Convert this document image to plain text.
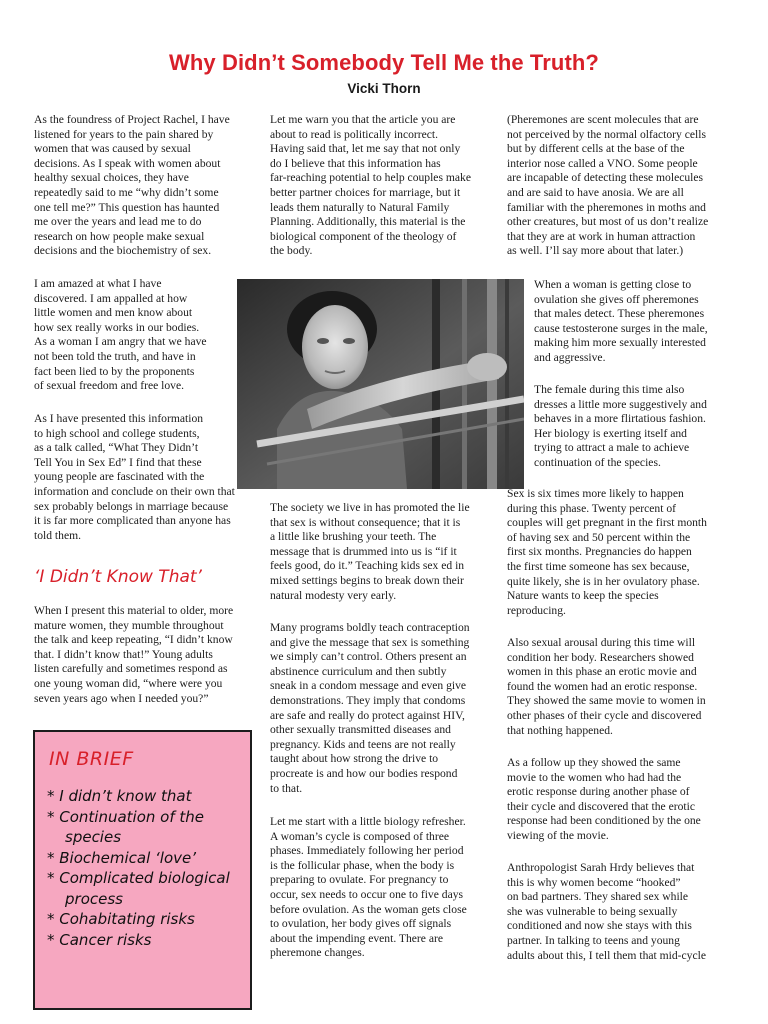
Why Didn’t Somebody Tell Me the Truth?
Vicki Thorn

As the foundress of Project Rachel, I have
listened for years to the pain shared by
women that was caused by sexual
decisions. As I speak with women about
healthy sexual choices, they have
repeatedly said to me “why didn’t some
one tell me?” This question has haunted
me over the years and lead me to do
research on how people make sexual
decisions and the biochemistry of sex.

I am amazed at what I have
discovered. I am appalled at how
little women and men know about
how sex really works in our bodies.
As a woman I am angry that we have
not been told the truth, and have in
fact been lied to by the proponents
of sexual freedom and free love.

As I have presented this information
to high school and college students,
as a talk called, “What They Didn’t
Tell You in Sex Ed” I find that these
young people are fascinated with the
information and conclude on their own that
sex probably belongs in marriage because
it is far more complicated than anyone has
told them.

‘I Didn’t Know That’

When I present this material to older, more
mature women, they mumble throughout
the talk and keep repeating, “I didn’t know
that. I didn’t know that!” Young adults
listen carefully and sometimes respond as
one young woman did, “where were you
seven years ago when I needed you?”

IN BRIEF
* I didn’t know that
* Continuation of the
species
* Biochemical ‘love’
* Complicated biological
process
* Cohabitating risks
* Cancer risks

Let me warn you that the article you are
about to read is politically incorrect.
Having said that, let me say that not only
do I believe that this information has
far-reaching potential to help couples make
better partner choices for marriage, but it
leads them naturally to Natural Family
Planning. Additionally, this material is the
biological component of the theology of
the body.

The society we live in has promoted the lie
that sex is without consequence; that it is
a little like brushing your teeth. The
message that is drummed into us is “if it
feels good, do it.” Teaching kids sex ed in
mixed settings begins to break down their
natural modesty very early.

Many programs boldly teach contraception
and give the message that sex is something
we simply can’t control. Others present an
abstinence curriculum and then subtly
sneak in a condom message and even give
demonstrations. They imply that condoms
are safe and really do protect against HIV,
other sexually transmitted diseases and
pregnancy. Kids and teens are not really
taught about how strong the drive to
procreate is and how our bodies respond
to that.

Let me start with a little biology refresher.
A woman’s cycle is composed of three
phases. Immediately following her period
is the follicular phase, when the body is
preparing to ovulate. For pregnancy to
occur, sex needs to occur one to five days
before ovulation. As the woman gets close
to ovulation, her body gives off signals
about the impending event. There are
pheremone changes.

(Pheremones are scent molecules that are
not perceived by the normal olfactory cells
but by different cells at the base of the
interior nose called a VNO. Some people
are incapable of detecting these molecules
and are said to have anosia. We are all
familiar with the pheremones in moths and
other creatures, but most of us don’t realize
that they are at work in human attraction
as well. I’ll say more about that later.)

When a woman is getting close to
ovulation she gives off pheremones
that males detect. These pheremones
cause testosterone surges in the male,
making him more sexually interested
and aggressive.

The female during this time also
dresses a little more suggestively and
behaves in a more flirtatious fashion.
Her biology is exerting itself and
trying to attract a male to achieve
continuation of the species.

Sex is six times more likely to happen
during this phase. Twenty percent of
couples will get pregnant in the first month
of having sex and 50 percent within the
first six months. Pregnancies do happen
the first time someone has sex because,
quite likely, she is in her ovulatory phase.
Nature wants to keep the species
reproducing.

Also sexual arousal during this time will
condition her body. Researchers showed
women in this phase an erotic movie and
found the women had an erotic response.
They showed the same movie to women in
other phases of their cycle and discovered
that nothing happened.

As a follow up they showed the same
movie to the women who had had the
erotic response during another phase of
their cycle and discovered that the erotic
response had been conditioned by the one
viewing of the movie.

Anthropologist Sarah Hrdy believes that
this is why women become “hooked”
on bad partners. They shared sex while
she was vulnerable to being sexually
conditioned and now she stays with this
partner. In talking to teens and young
adults about this, I tell them that mid-cycle
